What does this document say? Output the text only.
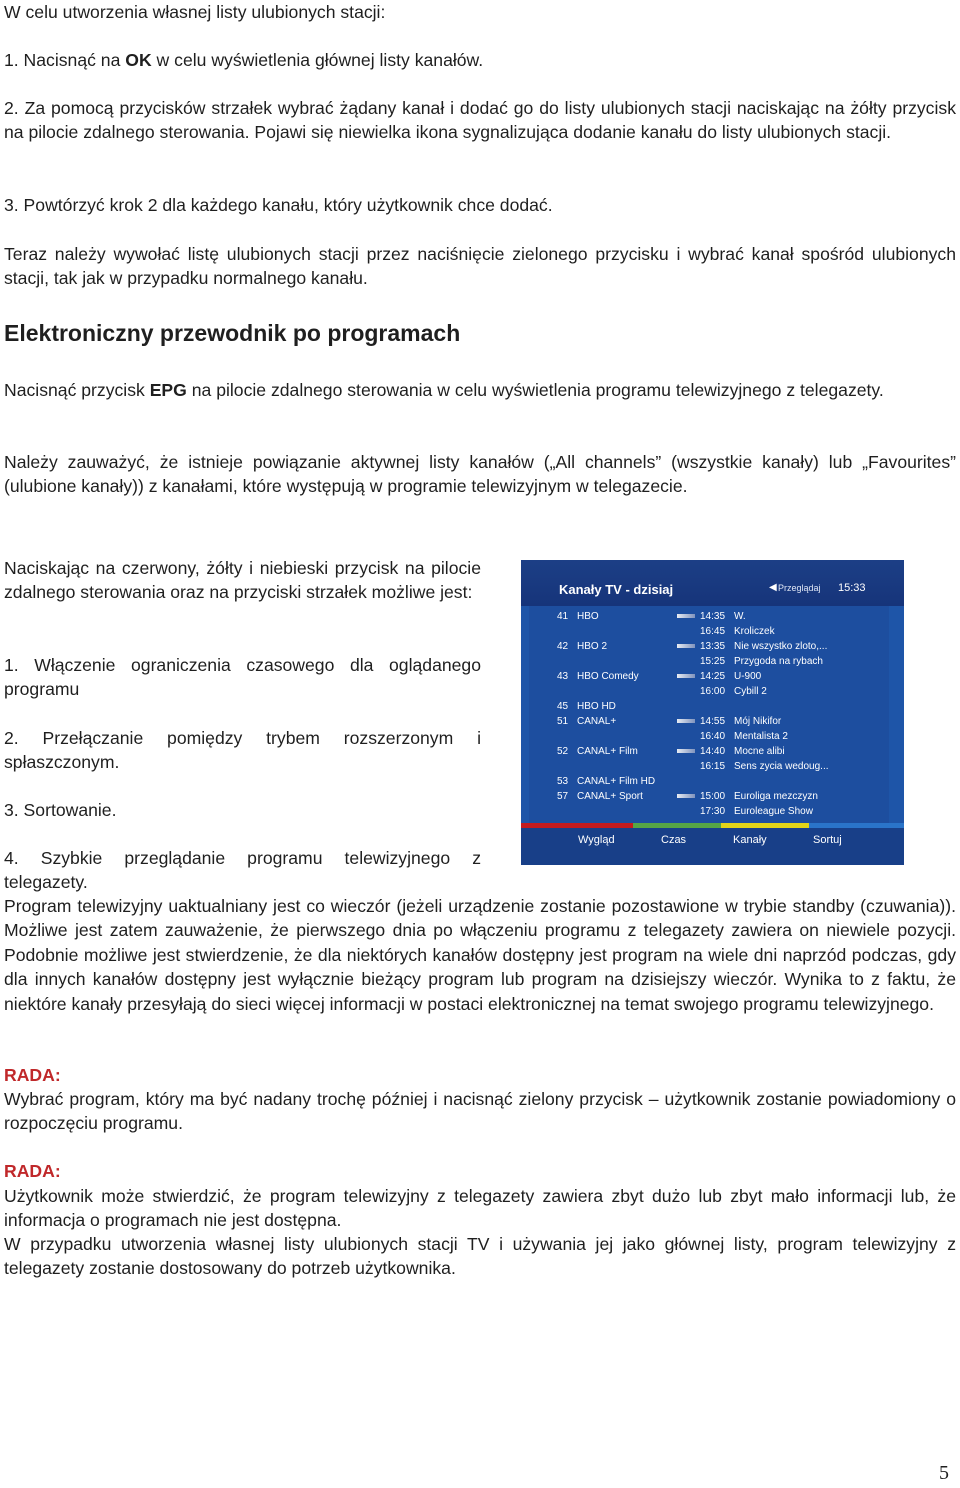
W celu utworzenia własnej listy ulubionych stacji:

1. Nacisnąć na OK w celu wyświetlenia głównej listy kanałów.

2. Za pomocą przycisków strzałek wybrać żądany kanał i dodać go do listy ulubionych stacji naciskając na żółty przycisk na pilocie zdalnego sterowania. Pojawi się niewielka ikona sygnalizująca dodanie kanału do listy ulubionych stacji.

3. Powtórzyć krok 2 dla każdego kanału, który użytkownik chce dodać.

Teraz należy wywołać listę ulubionych stacji przez naciśnięcie zielonego przycisku i wybrać kanał spośród ulubionych stacji, tak jak w przypadku normalnego kanału.

Elektroniczny przewodnik po programach

Nacisnąć przycisk EPG na pilocie zdalnego sterowania w celu wyświetlenia programu telewizyjnego z telegazety.

Należy zauważyć, że istnieje powiązanie aktywnej listy kanałów („All channels” (wszystkie kanały) lub „Favourites” (ulubione kanały)) z kanałami, które występują w programie telewizyjnym w telegazecie.

Naciskając na czerwony, żółty i niebieski przycisk na pilocie zdalnego sterowania oraz na przyciski strzałek możliwe jest:

1. Włączenie ograniczenia czasowego dla oglądanego programu

2. Przełączanie pomiędzy trybem rozszerzonym i spłaszczonym.

3. Sortowanie.

4. Szybkie przeglądanie programu telewizyjnego z telegazety.

Kanały TV - dzisiaj	◀ Przeglądaj 15:33
41 HBO	14:35 W.
16:45 Kroliczek
42 HBO 2	13:35 Nie wszystko zloto,...
15:25 Przygoda na rybach
43 HBO Comedy	14:25 U-900
16:00 Cybill 2
45 HBO HD
51 CANAL+	14:55 Mój Nikifor
16:40 Mentalista 2
52 CANAL+ Film	14:40 Mocne alibi
16:15 Sens zycia wedoug...
53 CANAL+ Film HD
57 CANAL+ Sport	15:00 Euroliga mezczyzn
17:30 Euroleague Show
Wygląd	Czas	Kanały	Sortuj

Program telewizyjny uaktualniany jest co wieczór (jeżeli urządzenie zostanie pozostawione w trybie standby (czuwania)). Możliwe jest zatem zauważenie, że pierwszego dnia po włączeniu programu z telegazety zawiera on niewiele pozycji. Podobnie możliwe jest stwierdzenie, że dla niektórych kanałów dostępny jest program na wiele dni naprzód podczas, gdy dla innych kanałów dostępny jest wyłącznie bieżący program lub program na dzisiejszy wieczór. Wynika to z faktu, że niektóre kanały przesyłają do sieci więcej informacji w postaci elektronicznej na temat swojego programu telewizyjnego.

RADA:

Wybrać program, który ma być nadany trochę później i nacisnąć zielony przycisk – użytkownik zostanie powiadomiony o rozpoczęciu programu.

RADA:

Użytkownik może stwierdzić, że program telewizyjny z telegazety zawiera zbyt dużo lub zbyt mało informacji lub, że informacja o programach nie jest dostępna.

W przypadku utworzenia własnej listy ulubionych stacji TV i używania jej jako głównej listy, program telewizyjny z telegazety zostanie dostosowany do potrzeb użytkownika.

5
